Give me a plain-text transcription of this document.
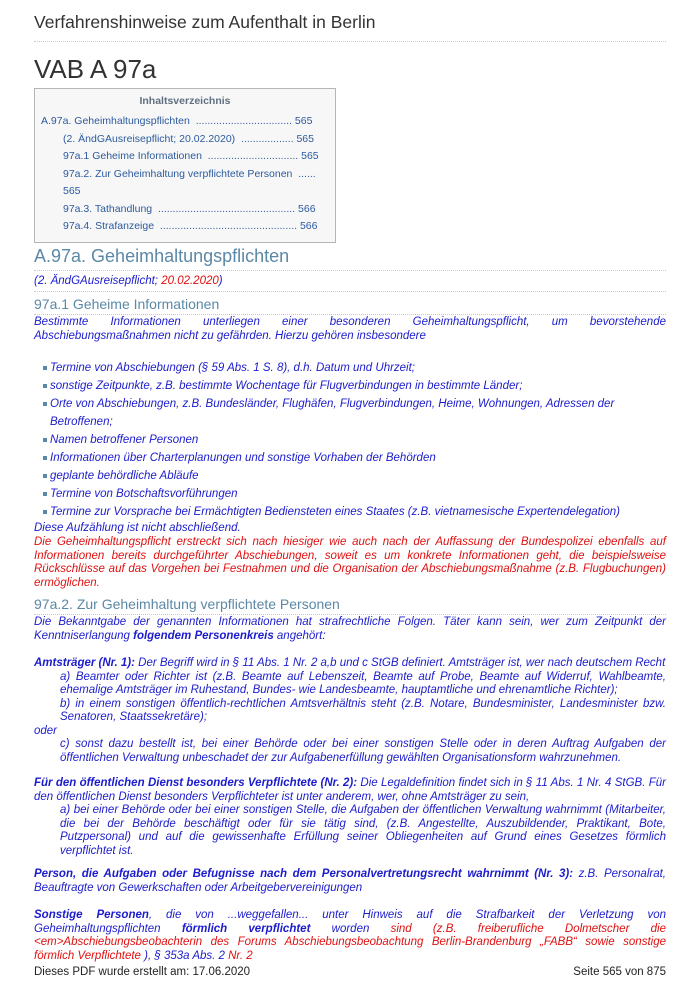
Verfahrenshinweise zum Aufenthalt in Berlin
VAB A 97a
Inhaltsverzeichnis
A.97a. Geheimhaltungspflichten  ................................. 565
(2. ÄndGAusreisepflicht; 20.02.2020)  .................. 565
97a.1 Geheime Informationen  ............................... 565
97a.2. Zur Geheimhaltung verpflichtete Personen  ......
565
97a.3. Tathandlung  ............................................... 566
97a.4. Strafanzeige  ............................................... 566
A.97a. Geheimhaltungspflichten
(2. ÄndGAusreisepflicht; 20.02.2020)
97a.1 Geheime Informationen
Bestimmte Informationen unterliegen einer besonderen Geheimhaltungspflicht, um bevorstehende Abschiebungsmaßnahmen nicht zu gefährden. Hierzu gehören insbesondere
Termine von Abschiebungen (§ 59 Abs. 1 S. 8), d.h. Datum und Uhrzeit;
sonstige Zeitpunkte, z.B. bestimmte Wochentage für Flugverbindungen in bestimmte Länder;
Orte von Abschiebungen, z.B. Bundesländer, Flughäfen, Flugverbindungen, Heime, Wohnungen, Adressen der Betroffenen;
Namen betroffener Personen
Informationen über Charterplanungen und sonstige Vorhaben der Behörden
geplante behördliche Abläufe
Termine von Botschaftsvorführungen
Termine zur Vorsprache bei Ermächtigten Bediensteten eines Staates (z.B. vietnamesische Expertendelegation)
Diese Aufzählung ist nicht abschließend.
Die Geheimhaltungspflicht erstreckt sich nach hiesiger wie auch nach der Auffassung der Bundespolizei ebenfalls auf Informationen bereits durchgeführter Abschiebungen, soweit es um konkrete Informationen geht, die beispielsweise Rückschlüsse auf das Vorgehen bei Festnahmen und die Organisation der Abschiebungsmaßnahme (z.B. Flugbuchungen) ermöglichen.
97a.2. Zur Geheimhaltung verpflichtete Personen
Die Bekanntgabe der genannten Informationen hat strafrechtliche Folgen. Täter kann sein, wer zum Zeitpunkt der Kenntniserlangung folgendem Personenkreis angehört:
Amtsträger (Nr. 1): Der Begriff wird in § 11 Abs. 1 Nr. 2 a,b und c StGB definiert. Amtsträger ist, wer nach deutschem Recht
a) Beamter oder Richter ist (z.B. Beamte auf Lebenszeit, Beamte auf Probe, Beamte auf Widerruf, Wahlbeamte, ehemalige Amtsträger im Ruhestand, Bundes- wie Landesbeamte, hauptamtliche und ehrenamtliche Richter);
b) in einem sonstigen öffentlich-rechtlichen Amtsverhältnis steht (z.B. Notare, Bundesminister, Landesminister bzw. Senatoren, Staatssekretäre);
oder
c) sonst dazu bestellt ist, bei einer Behörde oder bei einer sonstigen Stelle oder in deren Auftrag Aufgaben der öffentlichen Verwaltung unbeschadet der zur Aufgabenerfüllung gewählten Organisationsform wahrzunehmen.
Für den öffentlichen Dienst besonders Verpflichtete (Nr. 2): Die Legaldefinition findet sich in § 11 Abs. 1 Nr. 4 StGB. Für den öffentlichen Dienst besonders Verpflichteter ist unter anderem, wer, ohne Amtsträger zu sein,
a) bei einer Behörde oder bei einer sonstigen Stelle, die Aufgaben der öffentlichen Verwaltung wahrnimmt (Mitarbeiter, die bei der Behörde beschäftigt oder für sie tätig sind, (z.B. Angestellte, Auszubildender, Praktikant, Bote, Putzpersonal) und auf die gewissenhafte Erfüllung seiner Obliegenheiten auf Grund eines Gesetzes förmlich verpflichtet ist.
Person, die Aufgaben oder Befugnisse nach dem Personalvertretungsrecht wahrnimmt (Nr. 3): z.B. Personalrat, Beauftragte von Gewerkschaften oder Arbeitgebervereinigungen
Sonstige Personen, die von ...weggefallen... unter Hinweis auf die Strafbarkeit der Verletzung von Geheimhaltungspflichten förmlich verpflichtet worden sind (z.B. freiberufliche Dolmetscher die <em>Abschiebungsbeobachterin des Forums Abschiebungsbeobachtung Berlin-Brandenburg „FABB“ sowie sonstige förmlich Verpflichtete ), § 353a Abs. 2 Nr. 2
Dieses PDF wurde erstellt am: 17.06.2020	Seite 565 von 875
